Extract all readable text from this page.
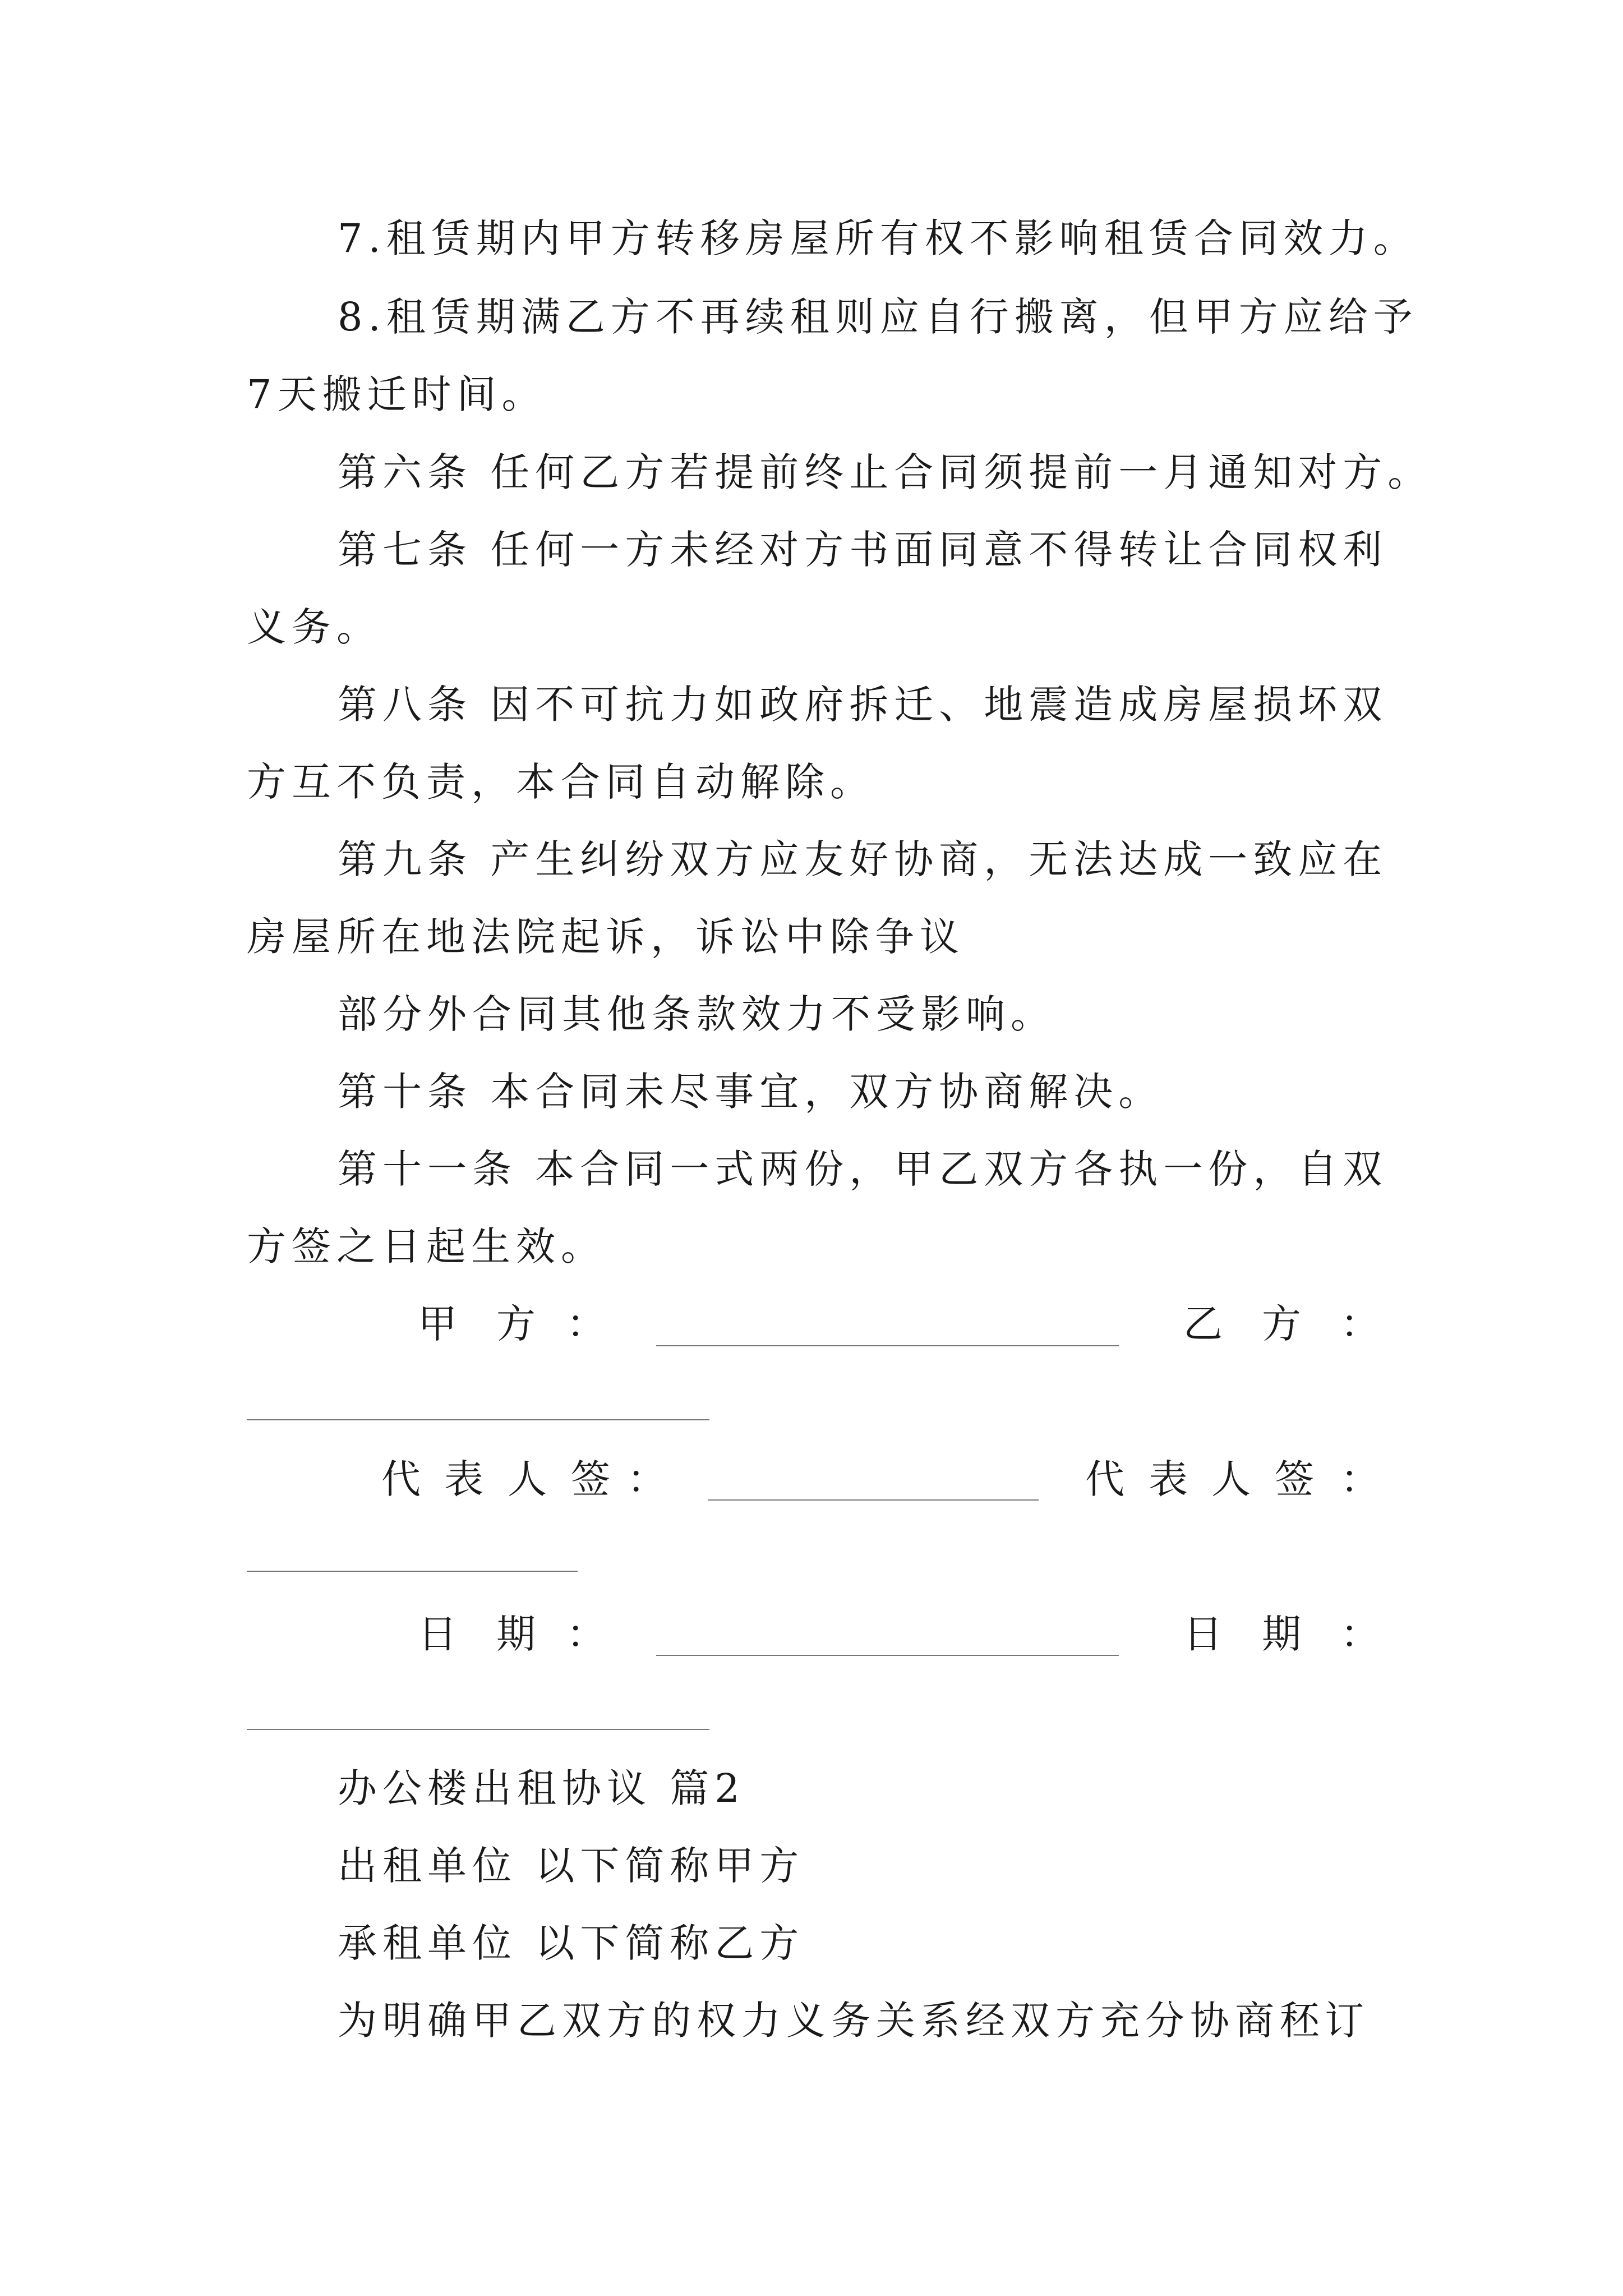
7.租赁期内甲方转移房屋所有权不影响租赁合同效力。
8.租赁期满乙方不再续租则应自行搬离，但甲方应给予
7天搬迁时间。
第六条 任何乙方若提前终止合同须提前一月通知对方。
第七条 任何一方未经对方书面同意不得转让合同权利
义务。
第八条 因不可抗力如政府拆迁、地震造成房屋损坏双
方互不负责，本合同自动解除。
第九条 产生纠纷双方应友好协商，无法达成一致应在
房屋所在地法院起诉，诉讼中除争议
部分外合同其他条款效力不受影响。
第十条 本合同未尽事宜，双方协商解决。
第十一条 本合同一式两份，甲乙双方各执一份，自双
方签之日起生效。
甲 方 ：	乙 方 ：
代 表 人 签 ：	代 表 人 签 ：
日 期 ：	日 期 ：
办公楼出租协议 篇2
出租单位 以下简称甲方
承租单位 以下简称乙方
为明确甲乙双方的权力义务关系经双方充分协商秠订
